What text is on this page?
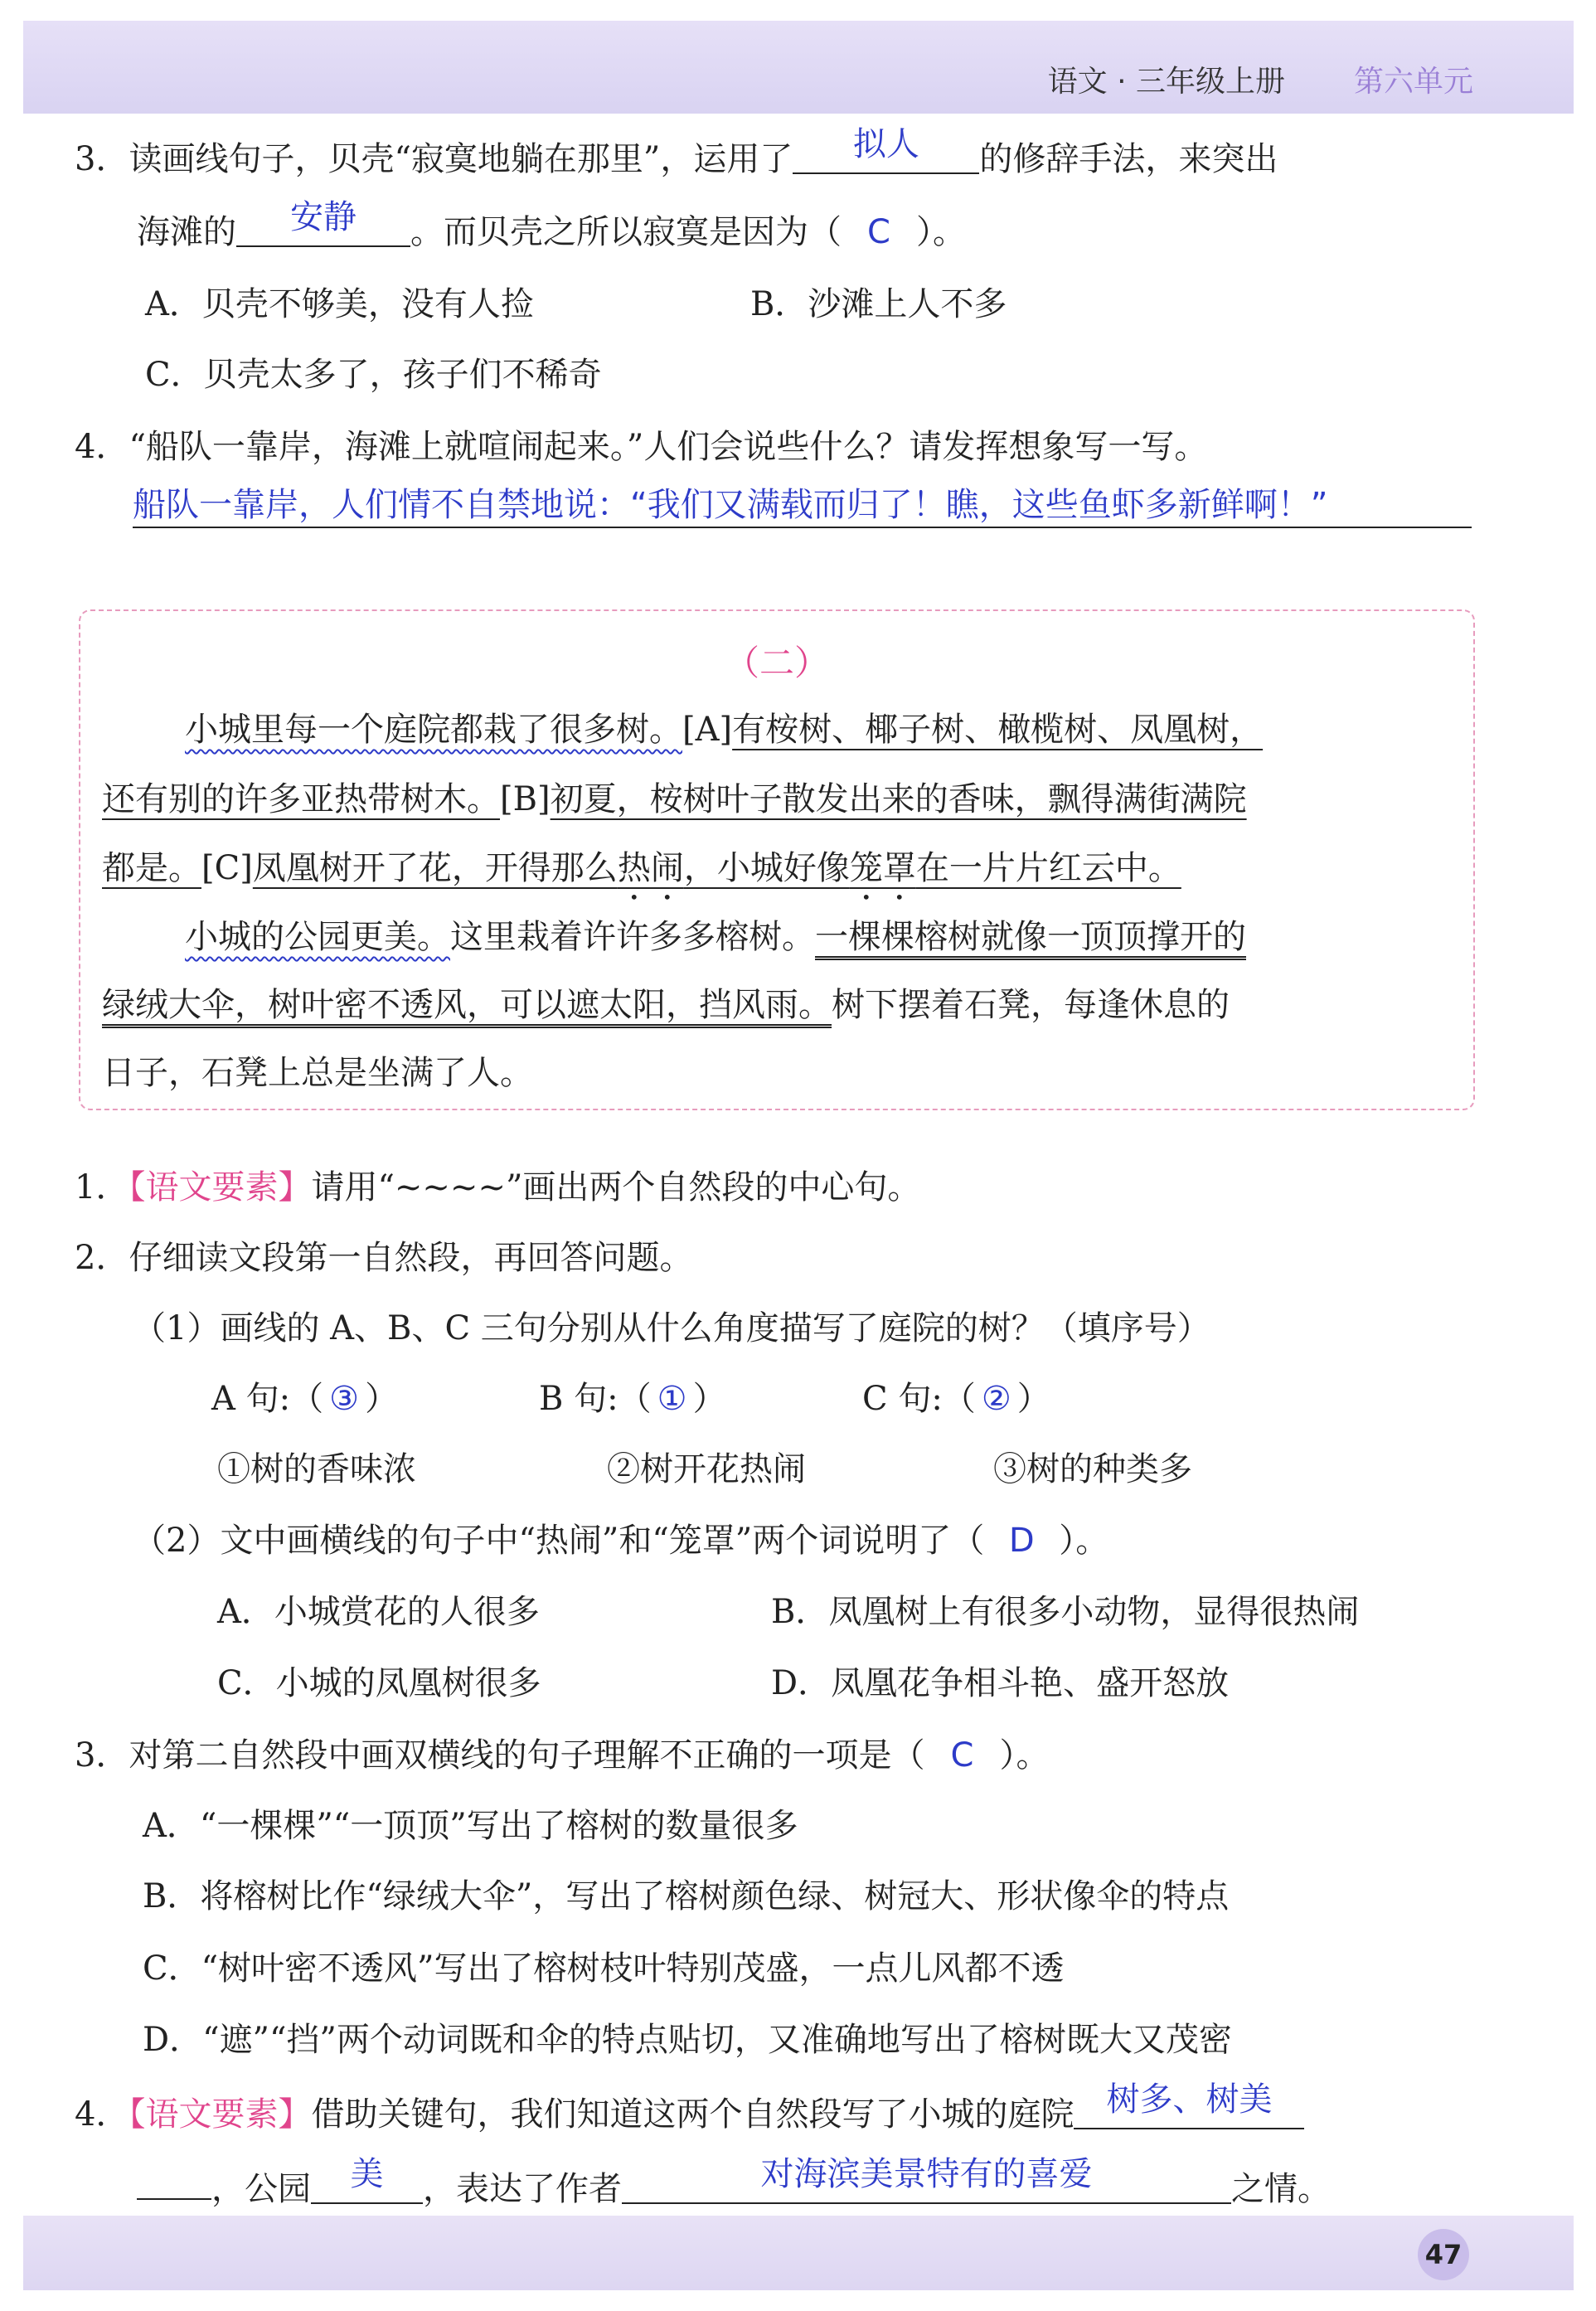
语文 · 三年级上册 第六单元
3．读画线句子，贝壳“寂寞地躺在那里”，运用了 拟人 的修辞手法，来突出
海滩的 安静 。而贝壳之所以寂寞是因为（ C ）。
A．贝壳不够美，没有人捡	B．沙滩上人不多
C．贝壳太多了，孩子们不稀奇
4．“船队一靠岸，海滩上就喧闹起来。”人们会说些什么？请发挥想象写一写。
船队一靠岸，人们情不自禁地说：“我们又满载而归了！瞧，这些鱼虾多新鲜啊！”
（二）
小城里每一个庭院都栽了很多树。[A]有桉树、椰子树、橄榄树、凤凰树，
还有别的许多亚热带树木。[B]初夏，桉树叶子散发出来的香味，飘得满街满院
都是。[C]凤凰树开了花，开得那么热闹，小城好像笼罩在一片片红云中。
小城的公园更美。这里栽着许许多多榕树。一棵棵榕树就像一顶顶撑开的
绿绒大伞，树叶密不透风，可以遮太阳，挡风雨。树下摆着石凳，每逢休息的
日子，石凳上总是坐满了人。
1．【语文要素】请用“~~~~”画出两个自然段的中心句。
2．仔细读文段第一自然段，再回答问题。
（1）画线的 A、B、C 三句分别从什么角度描写了庭院的树？（填序号）
A 句:（ ③ ）	B 句:（ ① ）	C 句:（ ② ）
①树的香味浓	②树开花热闹	③树的种类多
（2）文中画横线的句子中“热闹”和“笼罩”两个词说明了（ D ）。
A．小城赏花的人很多	B．凤凰树上有很多小动物，显得很热闹
C．小城的凤凰树很多	D．凤凰花争相斗艳、盛开怒放
3．对第二自然段中画双横线的句子理解不正确的一项是（ C ）。
A．“一棵棵”“一顶顶”写出了榕树的数量很多
B．将榕树比作“绿绒大伞”，写出了榕树颜色绿、树冠大、形状像伞的特点
C．“树叶密不透风”写出了榕树枝叶特别茂盛，一点儿风都不透
D．“遮”“挡”两个动词既和伞的特点贴切，又准确地写出了榕树既大又茂密
4．【语文要素】借助关键句，我们知道这两个自然段写了小城的庭院 树多、树美
，公园 美 ，表达了作者	对海滨美景特有的喜爱	之情。
47
